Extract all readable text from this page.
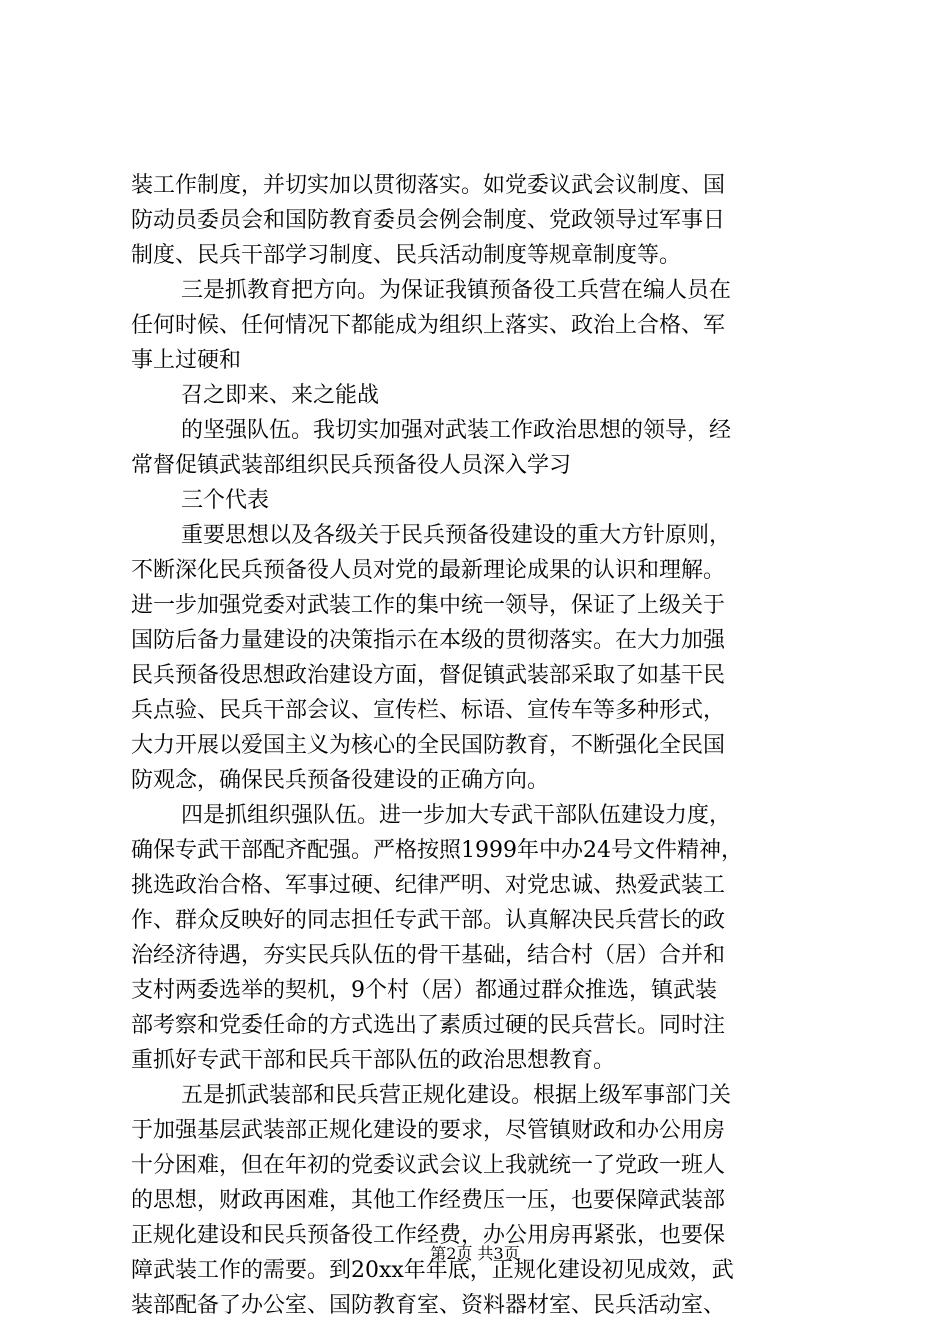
装工作制度，并切实加以贯彻落实。如党委议武会议制度、国
防动员委员会和国防教育委员会例会制度、党政领导过军事日
制度、民兵干部学习制度、民兵活动制度等规章制度等。
三是抓教育把方向。为保证我镇预备役工兵营在编人员在
任何时候、任何情况下都能成为组织上落实、政治上合格、军
事上过硬和
召之即来、来之能战
的坚强队伍。我切实加强对武装工作政治思想的领导，经
常督促镇武装部组织民兵预备役人员深入学习
三个代表
重要思想以及各级关于民兵预备役建设的重大方针原则，
不断深化民兵预备役人员对党的最新理论成果的认识和理解。
进一步加强党委对武装工作的集中统一领导，保证了上级关于
国防后备力量建设的决策指示在本级的贯彻落实。在大力加强
民兵预备役思想政治建设方面，督促镇武装部采取了如基干民
兵点验、民兵干部会议、宣传栏、标语、宣传车等多种形式，
大力开展以爱国主义为核心的全民国防教育，不断强化全民国
防观念，确保民兵预备役建设的正确方向。
四是抓组织强队伍。进一步加大专武干部队伍建设力度，
确保专武干部配齐配强。严格按照1999年中办24号文件精神，
挑选政治合格、军事过硬、纪律严明、对党忠诚、热爱武装工
作、群众反映好的同志担任专武干部。认真解决民兵营长的政
治经济待遇，夯实民兵队伍的骨干基础，结合村（居）合并和
支村两委选举的契机，9个村（居）都通过群众推选，镇武装
部考察和党委任命的方式选出了素质过硬的民兵营长。同时注
重抓好专武干部和民兵干部队伍的政治思想教育。
五是抓武装部和民兵营正规化建设。根据上级军事部门关
于加强基层武装部正规化建设的要求，尽管镇财政和办公用房
十分困难，但在年初的党委议武会议上我就统一了党政一班人
的思想，财政再困难，其他工作经费压一压，也要保障武装部
正规化建设和民兵预备役工作经费，办公用房再紧张，也要保
障武装工作的需要。到20xx年年底，正规化建设初见成效，武
装部配备了办公室、国防教育室、资料器材室、民兵活动室、
第2页 共3页
